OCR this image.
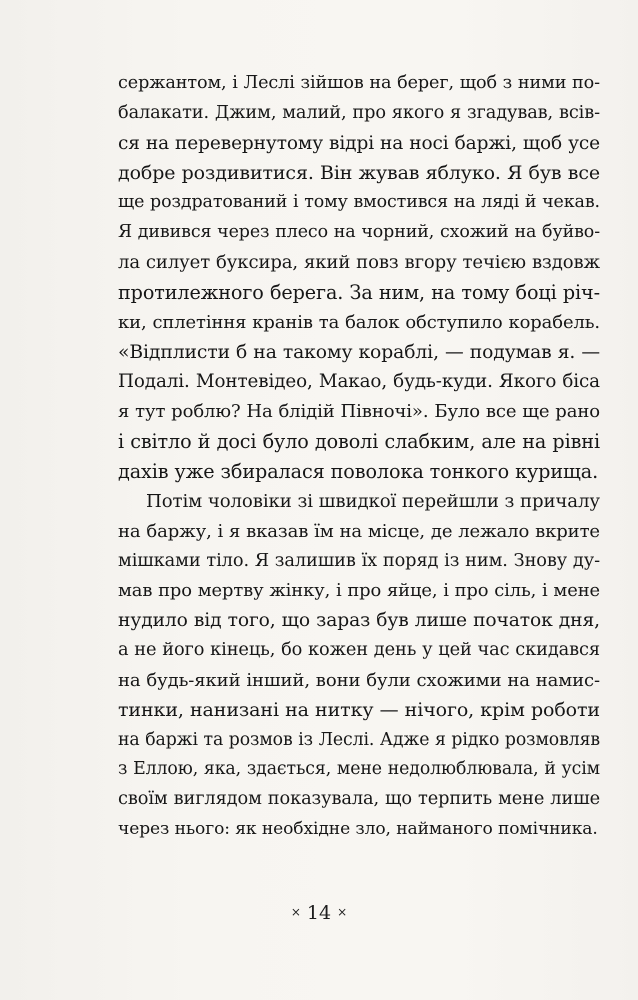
сержантом, і Леслі зійшов на берег, щоб з ними по-
балакати. Джим, малий, про якого я згадував, всів-
ся на перевернутому відрі на носі баржі, щоб усе
добре роздивитися. Він жував яблуко. Я був все
ще роздратований і тому вмостився на ляді й чекав.
Я дивився через плесо на чорний, схожий на буйво-
ла силует буксира, який повз вгору течією вздовж
протилежного берега. За ним, на тому боці річ-
ки, сплетіння кранів та балок обступило корабель.
«Відплисти б на такому кораблі, — подумав я. —
Подалі. Монтевідео, Макао, будь-куди. Якого біса
я тут роблю? На блідій Півночі». Було все ще рано
і світло й досі було доволі слабким, але на рівні
дахів уже збиралася поволока тонкого курища.
Потім чоловіки зі швидкої перейшли з причалу
на баржу, і я вказав їм на місце, де лежало вкрите
мішками тіло. Я залишив їх поряд із ним. Знову ду-
мав про мертву жінку, і про яйце, і про сіль, і мене
нудило від того, що зараз був лише початок дня,
а не його кінець, бо кожен день у цей час скидався
на будь-який інший, вони були схожими на намис-
тинки, нанизані на нитку — нічого, крім роботи
на баржі та розмов із Леслі. Адже я рідко розмовляв
з Еллою, яка, здається, мене недолюблювала, й усім
своїм виглядом показувала, що терпить мене лише
через нього: як необхідне зло, найманого помічника.
× 14 ×
